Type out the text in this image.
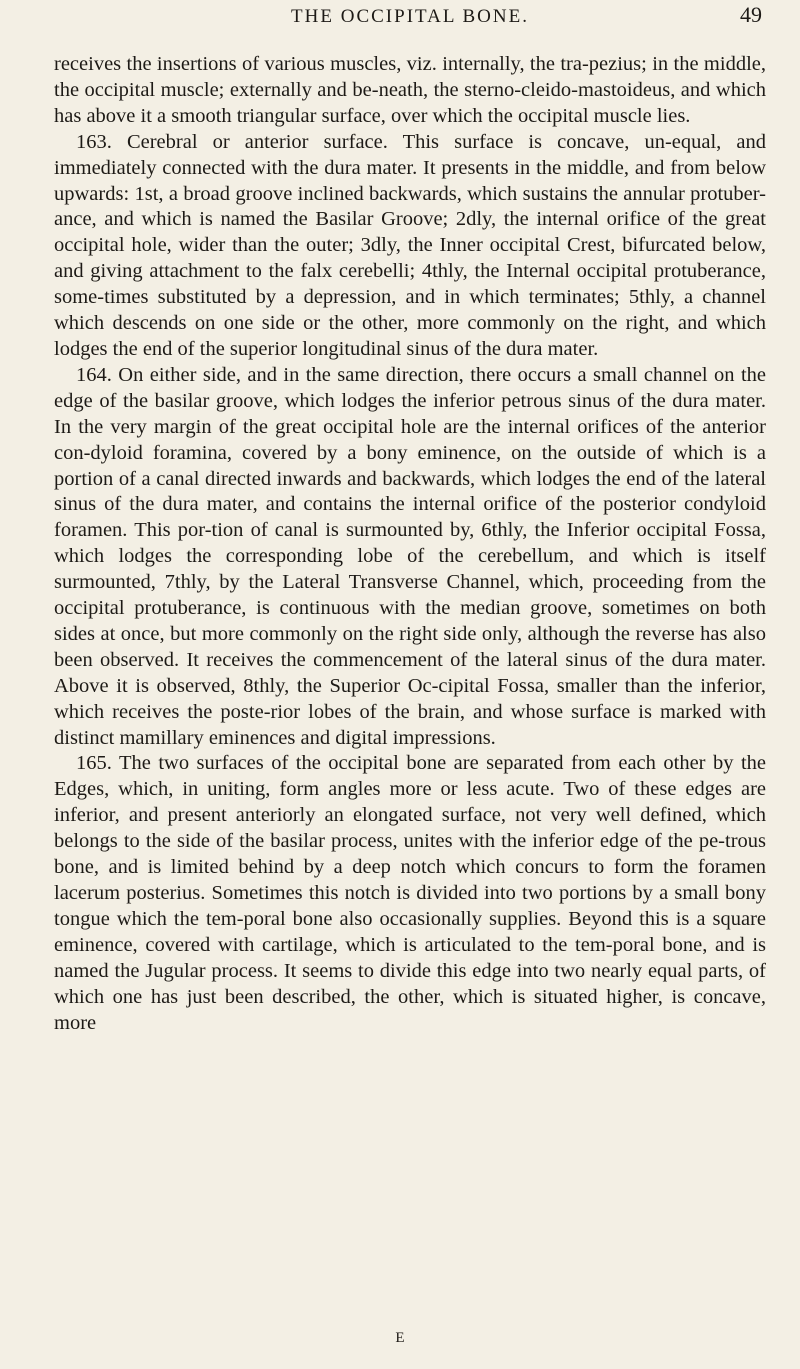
THE OCCIPITAL BONE.	49

receives the insertions of various muscles, viz. internally, the tra-pezius; in the middle, the occipital muscle; externally and be-neath, the sterno-cleido-mastoideus, and which has above it a smooth triangular surface, over which the occipital muscle lies.

163. Cerebral or anterior surface. This surface is concave, un-equal, and immediately connected with the dura mater. It presents in the middle, and from below upwards: 1st, a broad groove inclined backwards, which sustains the annular protuber-ance, and which is named the Basilar Groove; 2dly, the internal orifice of the great occipital hole, wider than the outer; 3dly, the Inner occipital Crest, bifurcated below, and giving attachment to the falx cerebelli; 4thly, the Internal occipital protuberance, some-times substituted by a depression, and in which terminates; 5thly, a channel which descends on one side or the other, more commonly on the right, and which lodges the end of the superior longitudinal sinus of the dura mater.

164. On either side, and in the same direction, there occurs a small channel on the edge of the basilar groove, which lodges the inferior petrous sinus of the dura mater. In the very margin of the great occipital hole are the internal orifices of the anterior con-dyloid foramina, covered by a bony eminence, on the outside of which is a portion of a canal directed inwards and backwards, which lodges the end of the lateral sinus of the dura mater, and contains the internal orifice of the posterior condyloid foramen. This por-tion of canal is surmounted by, 6thly, the Inferior occipital Fossa, which lodges the corresponding lobe of the cerebellum, and which is itself surmounted, 7thly, by the Lateral Transverse Channel, which, proceeding from the occipital protuberance, is continuous with the median groove, sometimes on both sides at once, but more commonly on the right side only, although the reverse has also been observed. It receives the commencement of the lateral sinus of the dura mater. Above it is observed, 8thly, the Superior Oc-cipital Fossa, smaller than the inferior, which receives the poste-rior lobes of the brain, and whose surface is marked with distinct mamillary eminences and digital impressions.

165. The two surfaces of the occipital bone are separated from each other by the Edges, which, in uniting, form angles more or less acute. Two of these edges are inferior, and present anteriorly an elongated surface, not very well defined, which belongs to the side of the basilar process, unites with the inferior edge of the pe-trous bone, and is limited behind by a deep notch which concurs to form the foramen lacerum posterius. Sometimes this notch is divided into two portions by a small bony tongue which the tem-poral bone also occasionally supplies. Beyond this is a square eminence, covered with cartilage, which is articulated to the tem-poral bone, and is named the Jugular process. It seems to divide this edge into two nearly equal parts, of which one has just been described, the other, which is situated higher, is concave, more

E
